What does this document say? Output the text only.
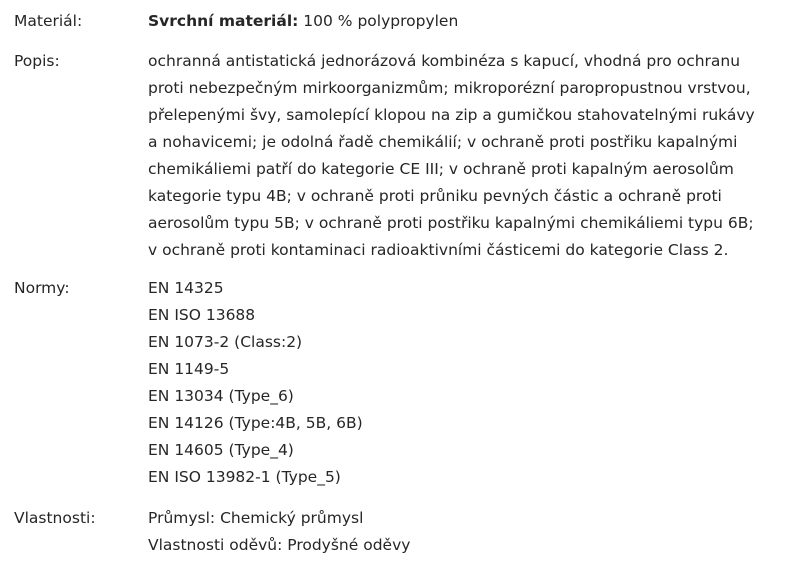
Materiál:	Svrchní materiál: 100 % polypropylen
Popis:	ochranná antistatická jednorázová kombinéza s kapucí, vhodná pro ochranu
proti nebezpečným mirkoorganizmům; mikroporézní paropropustnou vrstvou,
přelepenými švy, samolepící klopou na zip a gumičkou stahovatelnými rukávy
a nohavicemi; je odolná řadě chemikálií; v ochraně proti postřiku kapalnými
chemikáliemi patří do kategorie CE III; v ochraně proti kapalným aerosolům
kategorie typu 4B; v ochraně proti průniku pevných částic a ochraně proti
aerosolům typu 5B; v ochraně proti postřiku kapalnými chemikáliemi typu 6B;
v ochraně proti kontaminaci radioaktivními částicemi do kategorie Class 2.
Normy:	EN 14325
EN ISO 13688
EN 1073-2 (Class:2)
EN 1149-5
EN 13034 (Type_6)
EN 14126 (Type:4B, 5B, 6B)
EN 14605 (Type_4)
EN ISO 13982-1 (Type_5)
Vlastnosti:	Průmysl: Chemický průmysl
Vlastnosti oděvů: Prodyšné oděvy
